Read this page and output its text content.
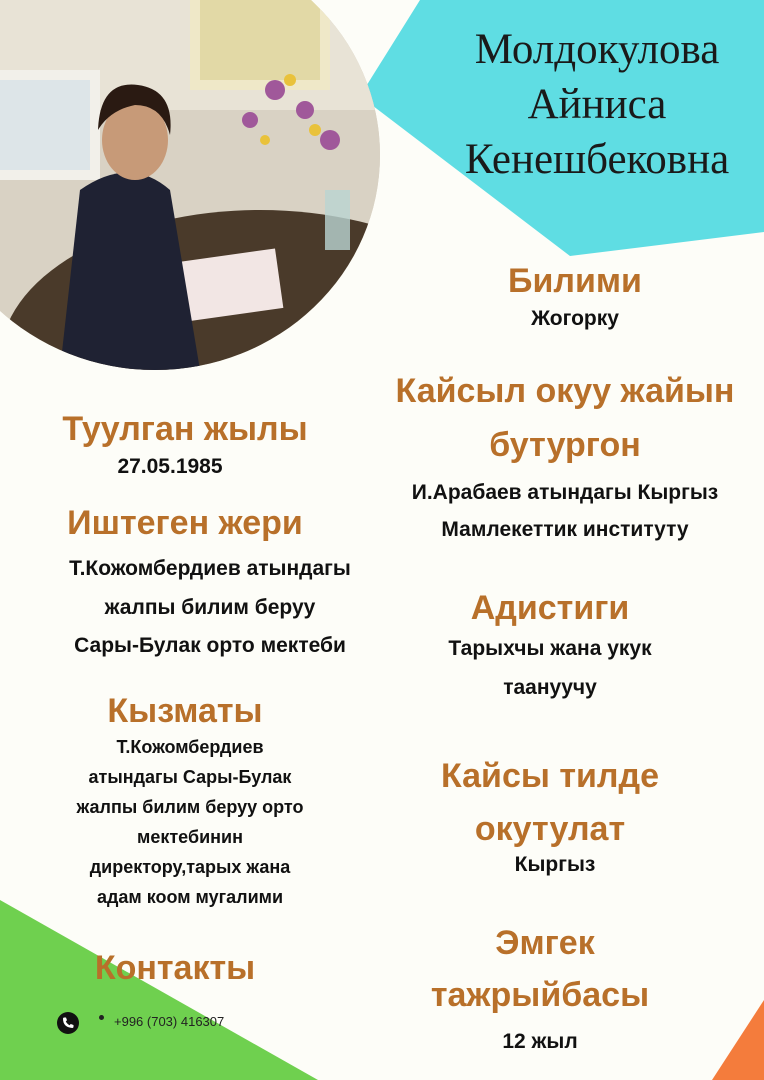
Молдокулова
Айниса
Кенешбековна
Туулган жылы
27.05.1985
Иштеген жери
Т.Кожомбердиев атындагы
жалпы билим беруу
Сары-Булак орто мектеби
Кызматы
Т.Кожомбердиев
атындагы Сары-Булак
жалпы билим беруу орто
мектебинин
директору,тарых жана
адам коом мугалими
Контакты
+996 (703) 416307
Билими
Жогорку
Кайсыл окуу жайын
бутургон
И.Арабаев атындагы Кыргыз
Мамлекеттик институту
Адистиги
Тарыхчы жана укук
таануучу
Кайсы тилде
окутулат
Кыргыз
Эмгек
тажрыйбасы
12 жыл
